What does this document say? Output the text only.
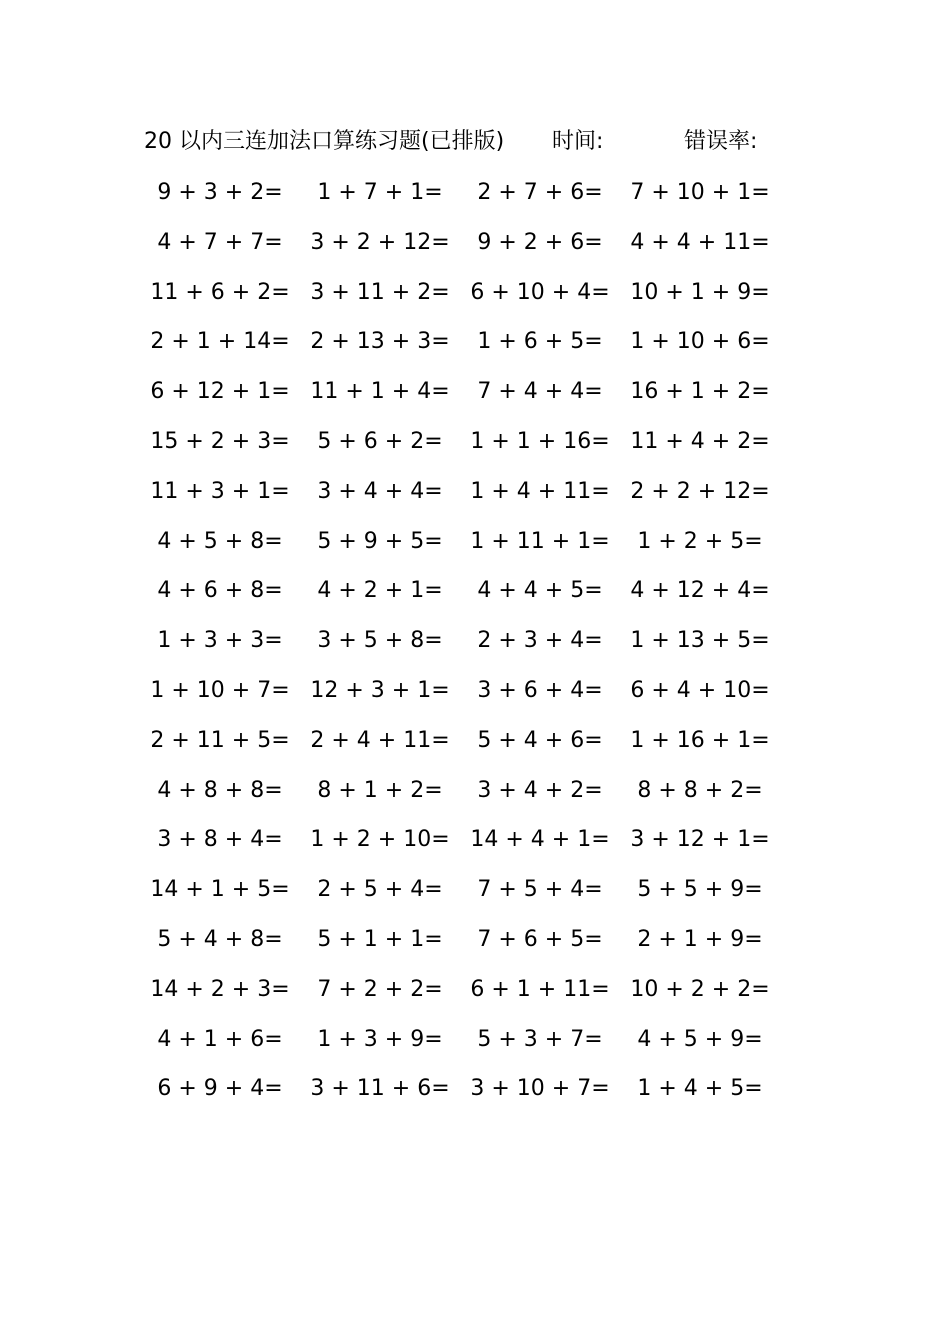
20 以内三连加法口算练习题(已排版) 时间:	错误率:
9 + 3 + 2=	1 + 7 + 1=	2 + 7 + 6=	7 + 10 + 1=
4 + 7 + 7=	3 + 2 + 12=	9 + 2 + 6=	4 + 4 + 11=
11 + 6 + 2= 3 + 11 + 2= 6 + 10 + 4= 10 + 1 + 9=
2 + 1 + 14= 2 + 13 + 3=	1 + 6 + 5=	1 + 10 + 6=
6 + 12 + 1= 11 + 1 + 4=	7 + 4 + 4=	16 + 1 + 2=
15 + 2 + 3=	5 + 6 + 2=	1 + 1 + 16= 11 + 4 + 2=
11 + 3 + 1=	3 + 4 + 4=	1 + 4 + 11= 2 + 2 + 12=
4 + 5 + 8=	5 + 9 + 5=	1 + 11 + 1=	1 + 2 + 5=
4 + 6 + 8=	4 + 2 + 1=	4 + 4 + 5=	4 + 12 + 4=
1 + 3 + 3=	3 + 5 + 8=	2 + 3 + 4=	1 + 13 + 5=
1 + 10 + 7= 12 + 3 + 1=	3 + 6 + 4=	6 + 4 + 10=
2 + 11 + 5= 2 + 4 + 11=	5 + 4 + 6=	1 + 16 + 1=
4 + 8 + 8=	8 + 1 + 2=	3 + 4 + 2=	8 + 8 + 2=
3 + 8 + 4=	1 + 2 + 10= 14 + 4 + 1= 3 + 12 + 1=
14 + 1 + 5=	2 + 5 + 4=	7 + 5 + 4=	5 + 5 + 9=
5 + 4 + 8=	5 + 1 + 1=	7 + 6 + 5=	2 + 1 + 9=
14 + 2 + 3=	7 + 2 + 2=	6 + 1 + 11= 10 + 2 + 2=
4 + 1 + 6=	1 + 3 + 9=	5 + 3 + 7=	4 + 5 + 9=
6 + 9 + 4=	3 + 11 + 6= 3 + 10 + 7=	1 + 4 + 5=
